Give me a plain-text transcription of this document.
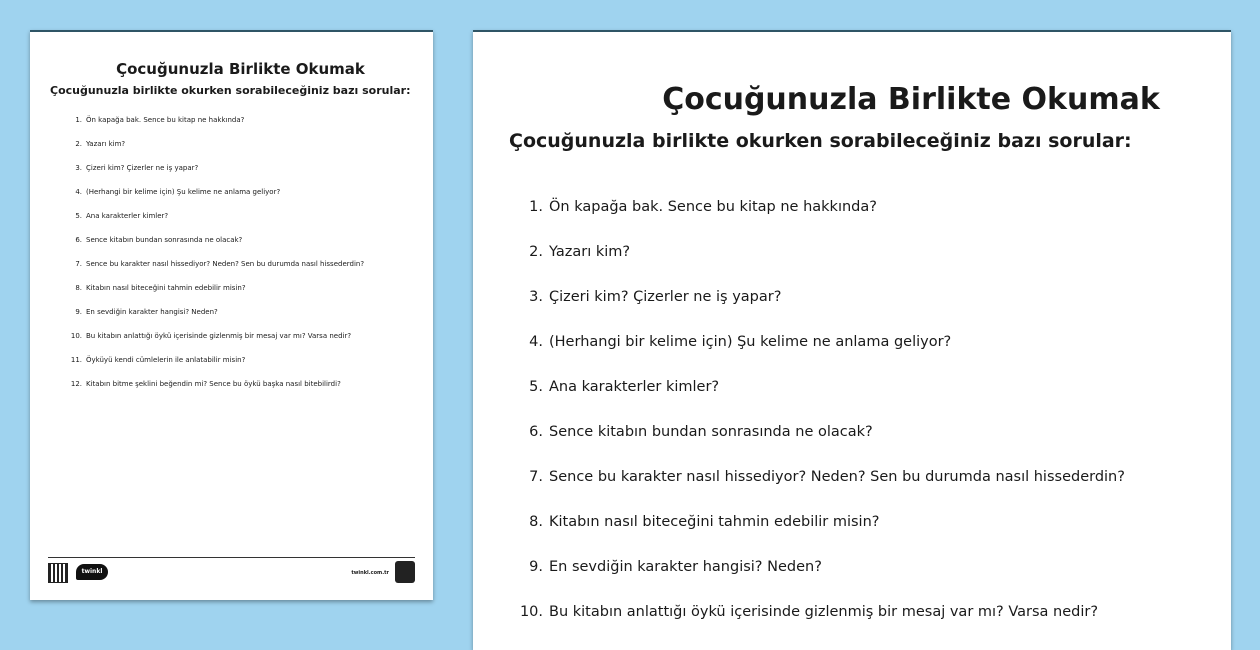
Çocuğunuzla Birlikte Okumak
Çocuğunuzla birlikte okurken sorabileceğiniz bazı sorular:
1. Ön kapağa bak. Sence bu kitap ne hakkında?
2. Yazarı kim?
3. Çizeri kim? Çizerler ne iş yapar?
4. (Herhangi bir kelime için) Şu kelime ne anlama geliyor?
5. Ana karakterler kimler?
6. Sence kitabın bundan sonrasında ne olacak?
7. Sence bu karakter nasıl hissediyor? Neden? Sen bu durumda nasıl hissederdin?
8. Kitabın nasıl biteceğini tahmin edebilir misin?
9. En sevdiğin karakter hangisi? Neden?
10. Bu kitabın anlattığı öykü içerisinde gizlenmiş bir mesaj var mı? Varsa nedir?
11. Öyküyü kendi cümlelerin ile anlatabilir misin?
12. Kitabın bitme şeklini beğendin mi? Sence bu öykü başka nasıl bitebilirdi?
twinkl	twinkl.com.tr
Çocuğunuzla Birlikte Okumak
Çocuğunuzla birlikte okurken sorabileceğiniz bazı sorular:
1. Ön kapağa bak. Sence bu kitap ne hakkında?
2. Yazarı kim?
3. Çizeri kim? Çizerler ne iş yapar?
4. (Herhangi bir kelime için) Şu kelime ne anlama geliyor?
5. Ana karakterler kimler?
6. Sence kitabın bundan sonrasında ne olacak?
7. Sence bu karakter nasıl hissediyor? Neden? Sen bu durumda nasıl hissederdin?
8. Kitabın nasıl biteceğini tahmin edebilir misin?
9. En sevdiğin karakter hangisi? Neden?
10. Bu kitabın anlattığı öykü içerisinde gizlenmiş bir mesaj var mı? Varsa nedir?
